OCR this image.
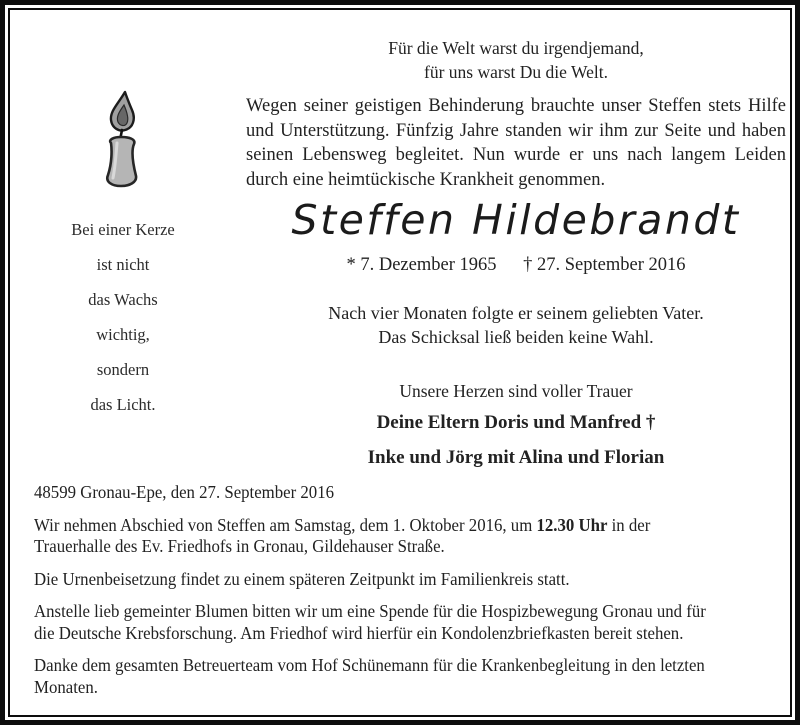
Bei einer Kerze
ist nicht
das Wachs
wichtig,
sondern
das Licht.
Für die Welt warst du irgendjemand,
für uns warst Du die Welt.
Wegen seiner geistigen Behinderung brauchte unser Steffen stets Hilfe und Unterstützung. Fünfzig Jahre standen wir ihm zur Seite und haben seinen Lebensweg begleitet. Nun wurde er uns nach langem Leiden durch eine heimtückische Krankheit genommen.
Steffen Hildebrandt
* 7. Dezember 1965 † 27. September 2016
Nach vier Monaten folgte er seinem geliebten Vater.
Das Schicksal ließ beiden keine Wahl.
Unsere Herzen sind voller Trauer
Deine Eltern Doris und Manfred †
Inke und Jörg mit Alina und Florian

48599 Gronau-Epe, den 27. September 2016

Wir nehmen Abschied von Steffen am Samstag, dem 1. Oktober 2016, um 12.30 Uhr in der
Trauerhalle des Ev. Friedhofs in Gronau, Gildehauser Straße.

Die Urnenbeisetzung findet zu einem späteren Zeitpunkt im Familienkreis statt.

Anstelle lieb gemeinter Blumen bitten wir um eine Spende für die Hospizbewegung Gronau und für
die Deutsche Krebsforschung. Am Friedhof wird hierfür ein Kondolenzbriefkasten bereit stehen.

Danke dem gesamten Betreuerteam vom Hof Schünemann für die Krankenbegleitung in den letzten
Monaten.
